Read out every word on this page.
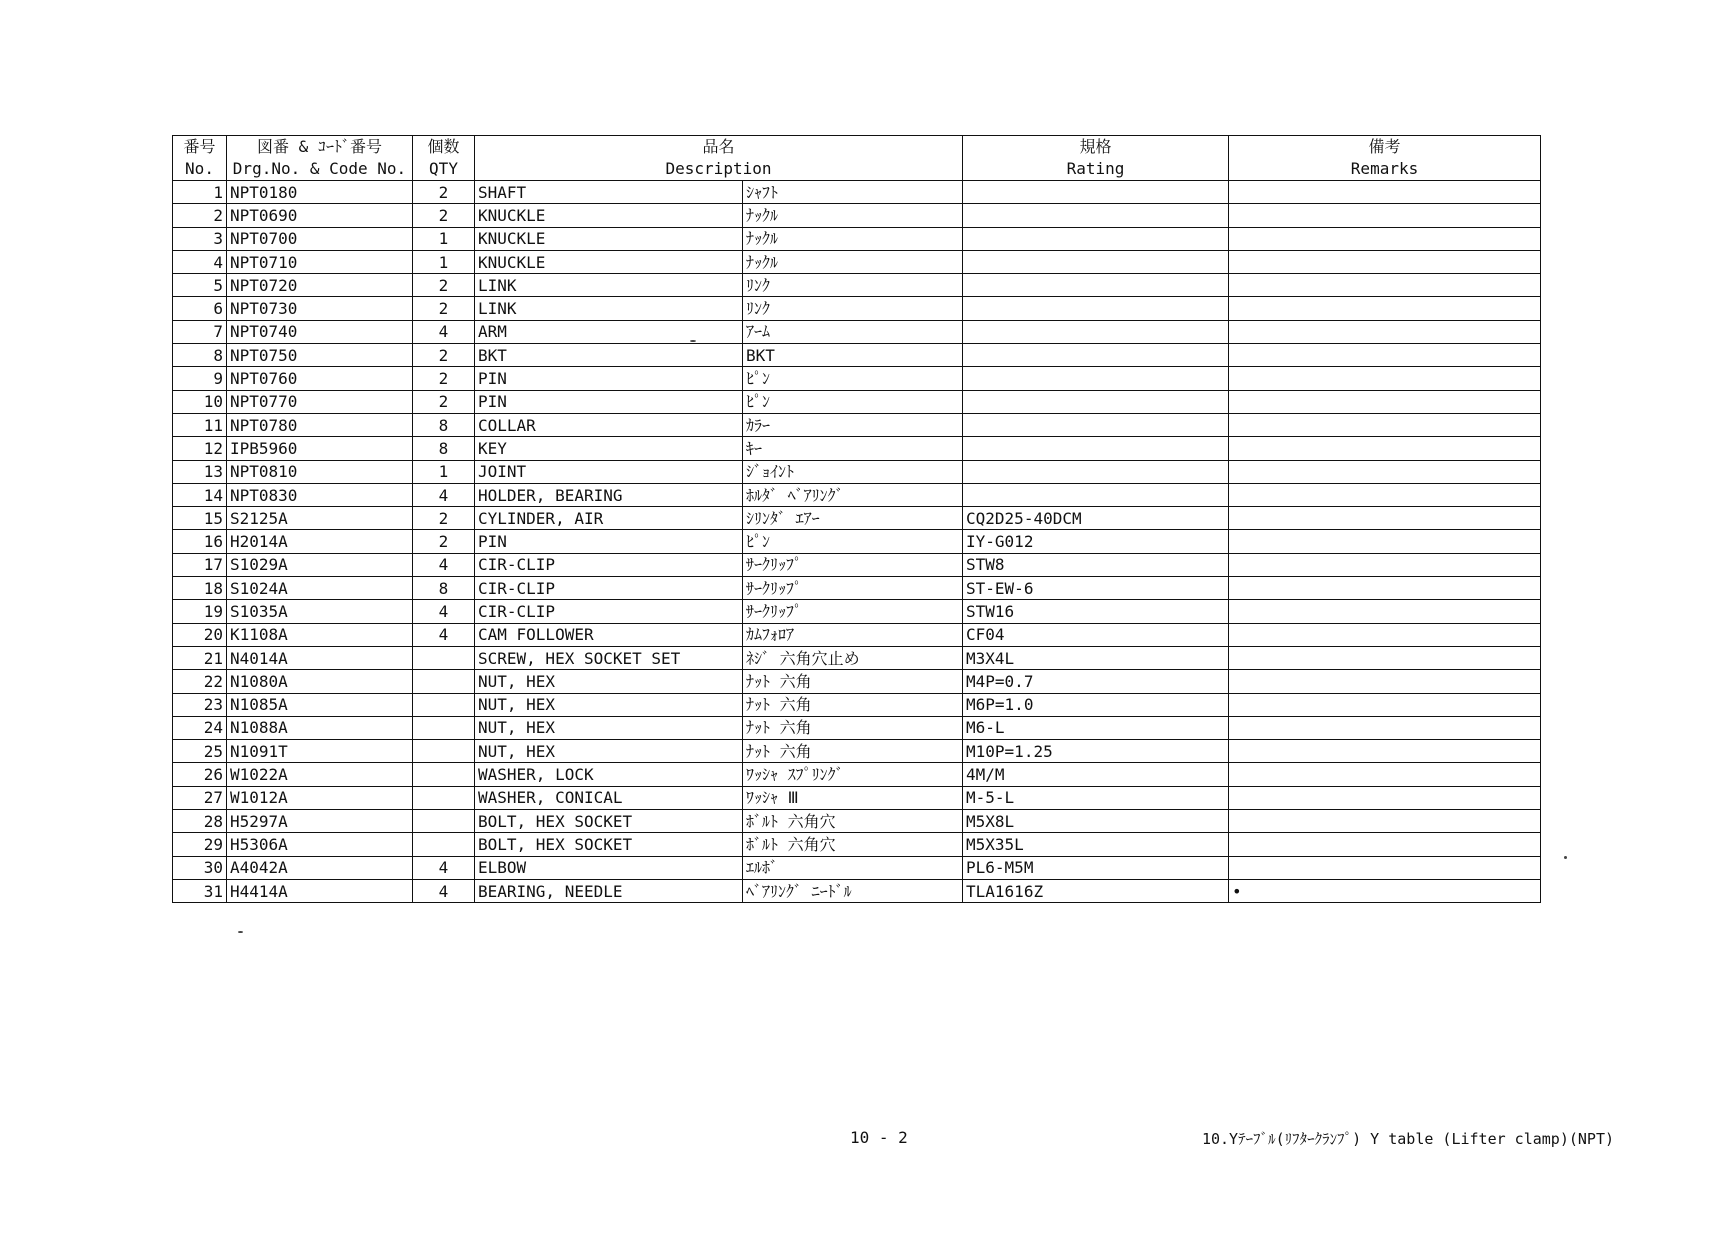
番号	図番 & ｺｰﾄﾞ番号	個数	品名		規格	備考
No.	Drg.No. & Code No.	QTY	Description		Rating	Remarks
1	NPT0180	2	SHAFT	ｼｬﾌﾄ		
2	NPT0690	2	KNUCKLE	ﾅｯｸﾙ		
3	NPT0700	1	KNUCKLE	ﾅｯｸﾙ		
4	NPT0710	1	KNUCKLE	ﾅｯｸﾙ		
5	NPT0720	2	LINK	ﾘﾝｸ		
6	NPT0730	2	LINK	ﾘﾝｸ		
7	NPT0740	4	ARM	ｱｰﾑ		
8	NPT0750	2	BKT	BKT		
9	NPT0760	2	PIN	ﾋﾟﾝ		
10	NPT0770	2	PIN	ﾋﾟﾝ		
11	NPT0780	8	COLLAR	ｶﾗｰ		
12	IPB5960	8	KEY	ｷｰ		
13	NPT0810	1	JOINT	ｼﾞｮｲﾝﾄ		
14	NPT0830	4	HOLDER, BEARING	ﾎﾙﾀﾞ ﾍﾞｱﾘﾝｸﾞ		
15	S2125A	2	CYLINDER, AIR	ｼﾘﾝﾀﾞ ｴｱｰ	CQ2D25-40DCM	
16	H2014A	2	PIN	ﾋﾟﾝ	IY-G012	
17	S1029A	4	CIR-CLIP	ｻｰｸﾘｯﾌﾟ	STW8	
18	S1024A	8	CIR-CLIP	ｻｰｸﾘｯﾌﾟ	ST-EW-6	
19	S1035A	4	CIR-CLIP	ｻｰｸﾘｯﾌﾟ	STW16	
20	K1108A	4	CAM FOLLOWER	ｶﾑﾌｫﾛｱ	CF04	
21	N4014A		SCREW, HEX SOCKET SET	ﾈｼﾞ 六角穴止め	M3X4L	
22	N1080A		NUT, HEX	ﾅｯﾄ 六角	M4P=0.7	
23	N1085A		NUT, HEX	ﾅｯﾄ 六角	M6P=1.0	
24	N1088A		NUT, HEX	ﾅｯﾄ 六角	M6-L	
25	N1091T		NUT, HEX	ﾅｯﾄ 六角	M10P=1.25	
26	W1022A		WASHER, LOCK	ﾜｯｼｬ ｽﾌﾟﾘﾝｸﾞ	4M/M	
27	W1012A		WASHER, CONICAL	ﾜｯｼｬ Ⅲ	M-5-L	
28	H5297A		BOLT, HEX SOCKET	ﾎﾞﾙﾄ 六角穴	M5X8L	
29	H5306A		BOLT, HEX SOCKET	ﾎﾞﾙﾄ 六角穴	M5X35L	
30	A4042A	4	ELBOW	ｴﾙﾎﾞ	PL6-M5M	
31	H4414A	4	BEARING, NEEDLE	ﾍﾞｱﾘﾝｸﾞ ﾆｰﾄﾞﾙ	TLA1616Z	•
10 - 2	10.Yﾃｰﾌﾞﾙ(ﾘﾌﾀｰｸﾗﾝﾌﾟ) Y table (Lifter clamp)(NPT)
